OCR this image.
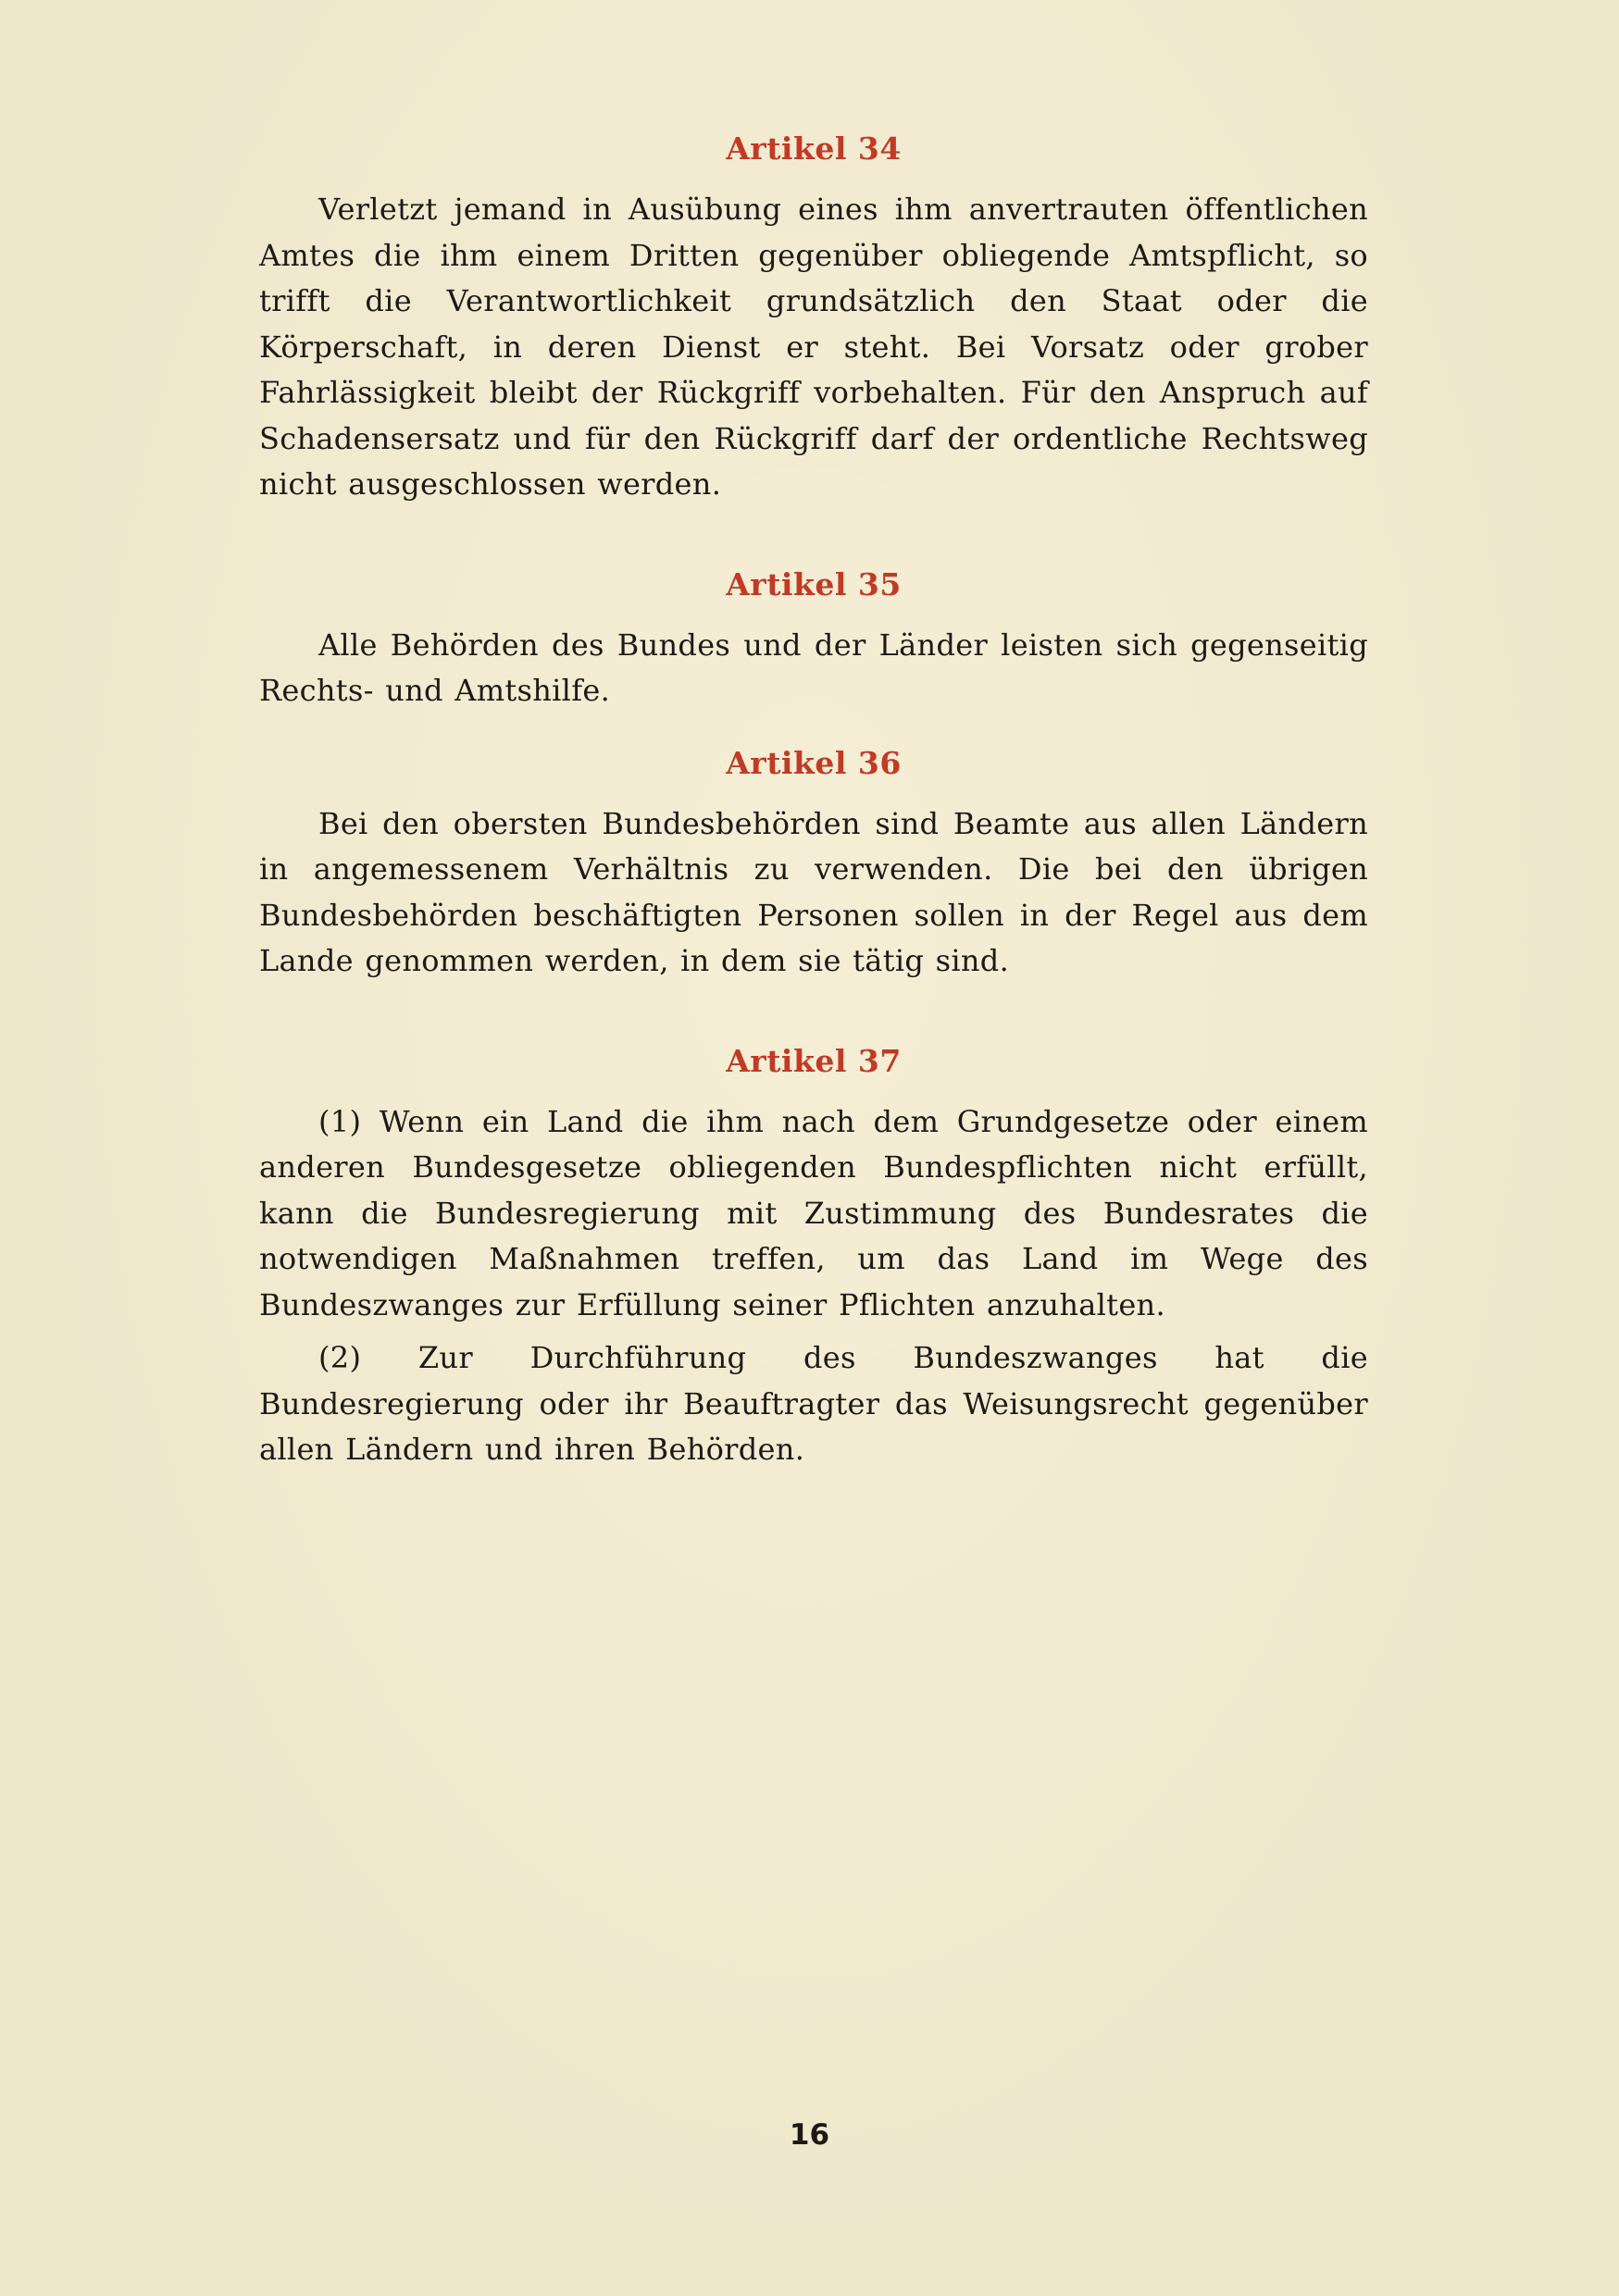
Artikel 34

Verletzt jemand in Ausübung eines ihm anvertrauten öffentlichen Amtes die ihm einem Dritten gegenüber obliegende Amtspflicht, so trifft die Verantwortlichkeit grundsätzlich den Staat oder die Körperschaft, in deren Dienst er steht. Bei Vorsatz oder grober Fahrlässigkeit bleibt der Rückgriff vorbehalten. Für den Anspruch auf Schadensersatz und für den Rückgriff darf der ordentliche Rechtsweg nicht ausgeschlossen werden.

Artikel 35

Alle Behörden des Bundes und der Länder leisten sich gegenseitig Rechts- und Amtshilfe.

Artikel 36

Bei den obersten Bundesbehörden sind Beamte aus allen Ländern in angemessenem Verhältnis zu verwenden. Die bei den übrigen Bundesbehörden beschäftigten Personen sollen in der Regel aus dem Lande genommen werden, in dem sie tätig sind.

Artikel 37

(1) Wenn ein Land die ihm nach dem Grundgesetze oder einem anderen Bundesgesetze obliegenden Bundespflichten nicht erfüllt, kann die Bundesregierung mit Zustimmung des Bundesrates die notwendigen Maßnahmen treffen, um das Land im Wege des Bundeszwanges zur Erfüllung seiner Pflichten anzuhalten.

(2) Zur Durchführung des Bundeszwanges hat die Bundesregierung oder ihr Beauftragter das Weisungsrecht gegenüber allen Ländern und ihren Behörden.

16
